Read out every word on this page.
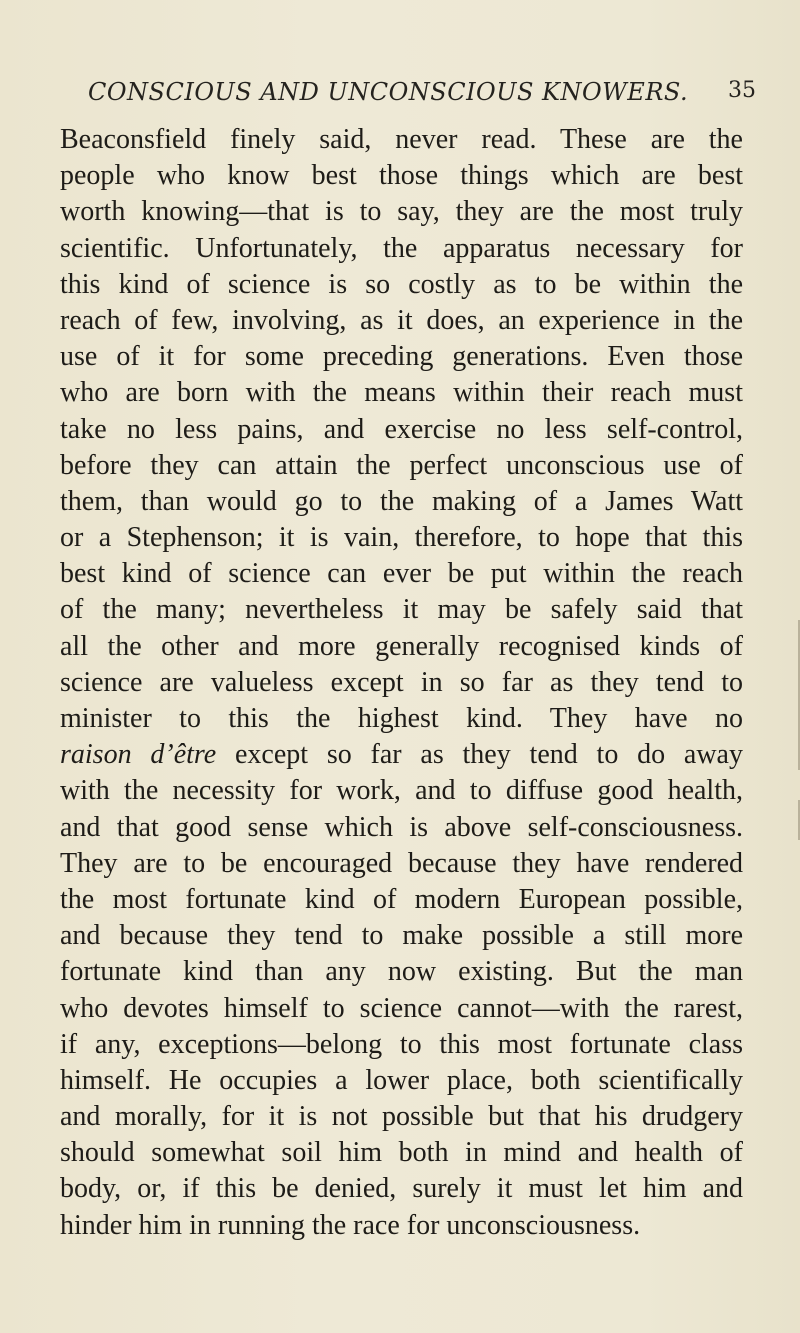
CONSCIOUS AND UNCONSCIOUS KNOWERS. 35
Beaconsfield finely said, never read. These are the
people who know best those things which are best
worth knowing—that is to say, they are the most truly
scientific. Unfortunately, the apparatus necessary for
this kind of science is so costly as to be within the
reach of few, involving, as it does, an experience in the
use of it for some preceding generations. Even those
who are born with the means within their reach must
take no less pains, and exercise no less self-control,
before they can attain the perfect unconscious use of
them, than would go to the making of a James Watt
or a Stephenson; it is vain, therefore, to hope that this
best kind of science can ever be put within the reach
of the many; nevertheless it may be safely said that
all the other and more generally recognised kinds of
science are valueless except in so far as they tend to
minister to this the highest kind. They have no
raison d’être except so far as they tend to do away
with the necessity for work, and to diffuse good health,
and that good sense which is above self-consciousness.
They are to be encouraged because they have rendered
the most fortunate kind of modern European possible,
and because they tend to make possible a still more
fortunate kind than any now existing. But the man
who devotes himself to science cannot—with the rarest,
if any, exceptions—belong to this most fortunate class
himself. He occupies a lower place, both scientifically
and morally, for it is not possible but that his drudgery
should somewhat soil him both in mind and health of
body, or, if this be denied, surely it must let him and
hinder him in running the race for unconsciousness.
